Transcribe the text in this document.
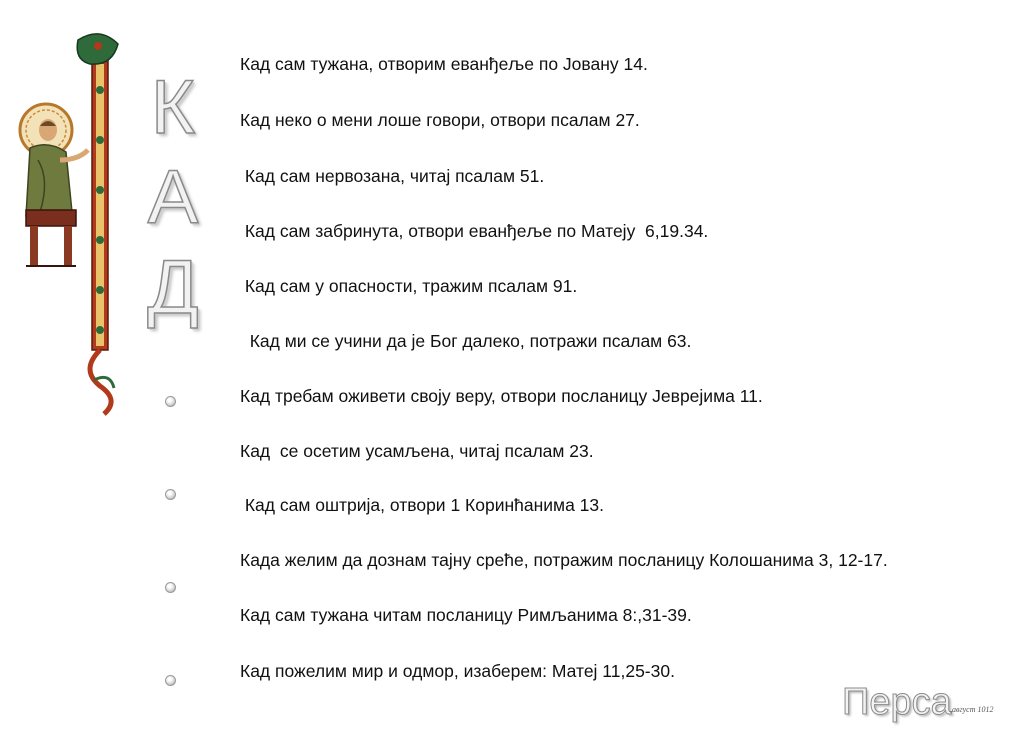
К
А
Д
Кад сам тужана, отворим еванђеље по Јовану 14.
Кад неко о мени лоше говори, отвори псалам 27.
Кад сам нервозана, читај псалам 51.
Кад сам забринута, отвори еванђеље по Матеју  6,19.34.
Кад сам у опасности, тражим псалам 91.
Кад ми се учини да је Бог далеко, потражи псалам 63.
Кад требам оживети своју веру, отвори посланицу Јеврејима 11.
Кад  се осетим усамљена, читај псалам 23.
Кад сам оштрија, отвори 1 Коринћанима 13.
Када желим да дознам тајну среће, потражим посланицу Колошанима 3, 12-17.
Кад сам тужана читам посланицу Римљанима 8:,31-39.
Кад пожелим мир и одмор, изаберем: Матеј 11,25-30.
Перса
,август 1012
